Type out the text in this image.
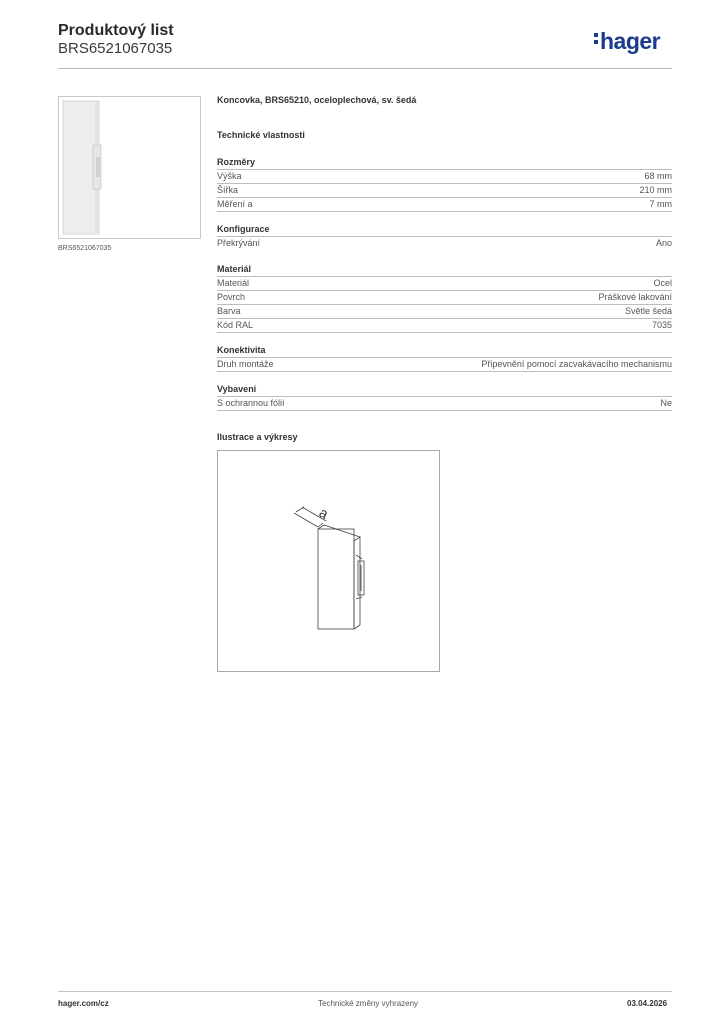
Produktový list
BRS6521067035	hager
BRS6521067035
Koncovka, BRS65210, oceloplechová, sv. šedá
Technické vlastnosti
Rozměry
Výška	68 mm
Šířka	210 mm
Měření a	7 mm
Konfigurace
Překrývání	Ano
Materiál
Materiál	Ocel
Povrch	Práškové lakování
Barva	Světle šedá
Kód RAL	7035
Konektivita
Druh montáže	Připevnění pomocí zacvakávacího mechanismu
Vybavení
S ochrannou fólií	Ne
Ilustrace a výkresy
a
hager.com/cz	Technické změny vyhrazeny	03.04.2026
